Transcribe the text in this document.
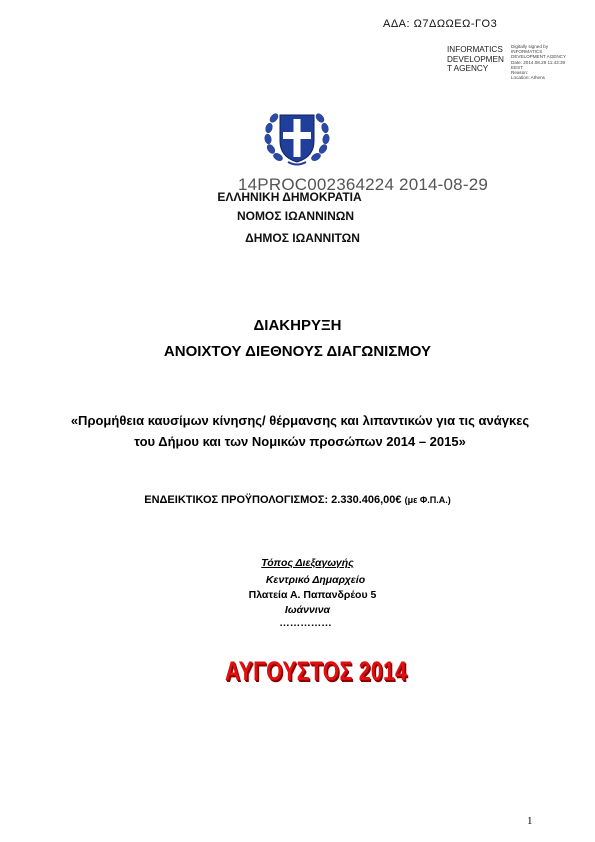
ΑΔΑ: Ω7ΔΩΩΕΩ-ΓΟ3
INFORMATICS DEVELOPMEN T AGENCY
Digitally signed by
INFORMATICS
DEVELOPMENT AGENCY
Date: 2014.08.29 11:43:39
EEST
Reason:
Location: Athens
ΕΛΛΗΝΙΚΗ ΔΗΜΟΚΡΑΤΙΑ
14PROC002364224 2014-08-29
ΝΟΜΟΣ ΙΩΑΝΝΙΝΩΝ
ΔΗΜΟΣ ΙΩΑΝΝΙΤΩΝ
ΔΙΑΚΗΡΥΞΗ
ΑΝΟΙΧΤΟΥ ΔΙΕΘΝΟΥΣ ΔΙΑΓΩΝΙΣΜΟΥ
«Προμήθεια καυσίμων κίνησης/ θέρμανσης και λιπαντικών για τις ανάγκες του Δήμου και των Νομικών προσώπων 2014 – 2015»
ΕΝΔΕΙΚΤΙΚΟΣ ΠΡΟΫΠΟΛΟΓΙΣΜΟΣ: 2.330.406,00€ (με Φ.Π.Α.)
Τόπος Διεξαγωγής
Κεντρικό Δημαρχείο
Πλατεία Α. Παπανδρέου 5
Ιωάννινα
……………
ΑΥΓΟΥΣΤΟΣ 2014
1
